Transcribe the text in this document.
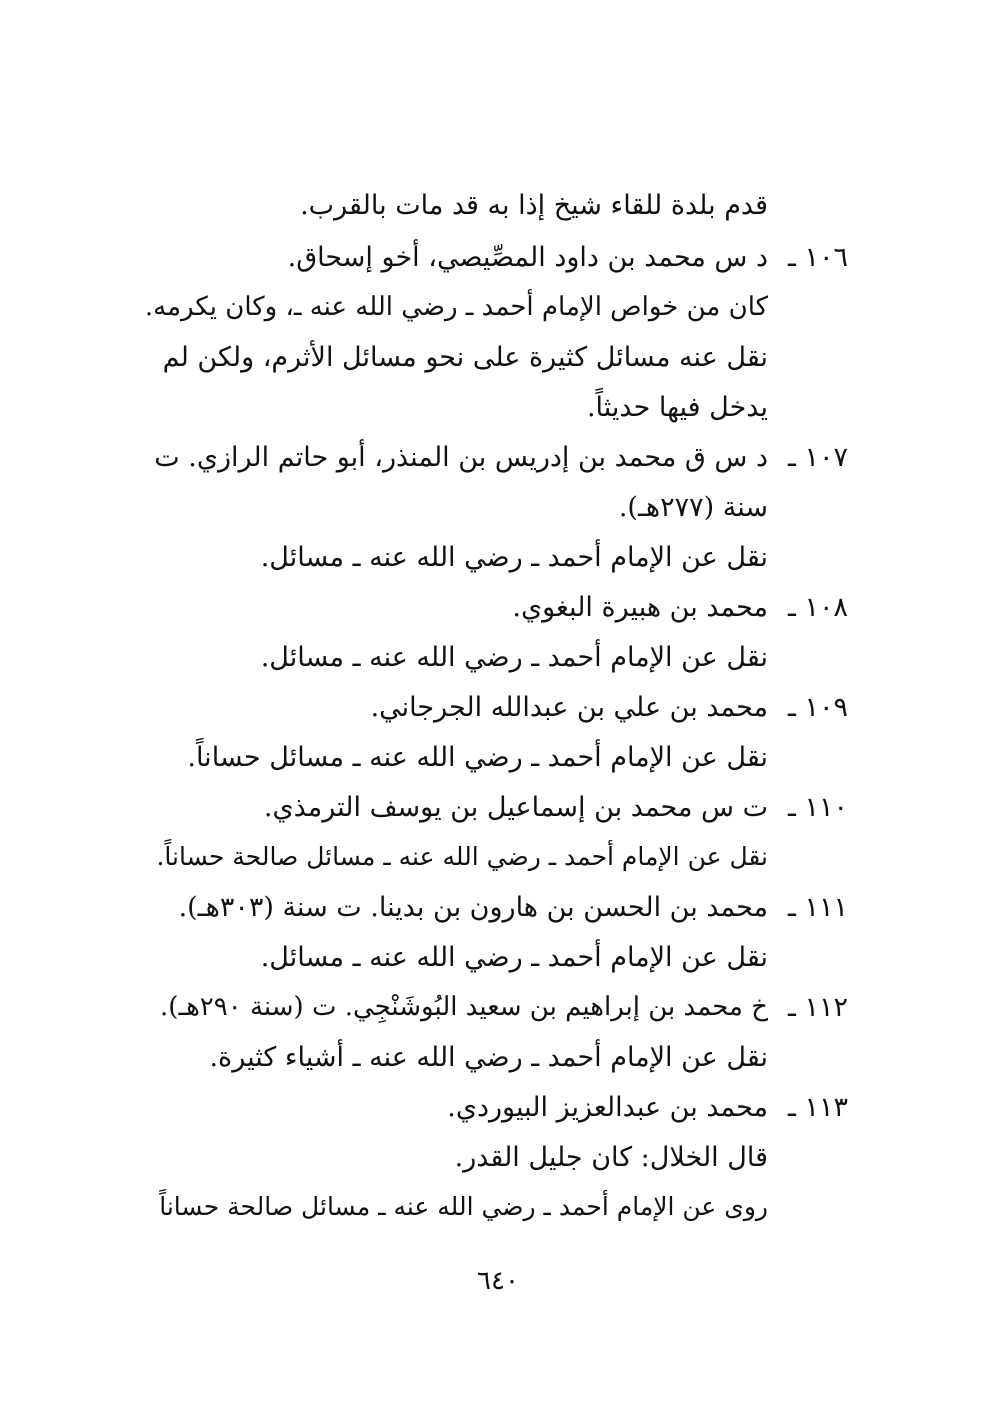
قدم بلدة للقاء شيخ إذا به قد مات بالقرب.
١٠٦ ـ
د س محمد بن داود المصِّيصي، أخو إسحاق.
كان من خواص الإمام أحمد ـ رضي الله عنه ـ، وكان يكرمه.
نقل عنه مسائل كثيرة على نحو مسائل الأثرم، ولكن لم
يدخل فيها حديثاً.
١٠٧ ـ
د س ق محمد بن إدريس بن المنذر، أبو حاتم الرازي. ت
سنة (٢٧٧هـ).
نقل عن الإمام أحمد ـ رضي الله عنه ـ مسائل.
١٠٨ ـ
محمد بن هبيرة البغوي.
نقل عن الإمام أحمد ـ رضي الله عنه ـ مسائل.
١٠٩ ـ
محمد بن علي بن عبدالله الجرجاني.
نقل عن الإمام أحمد ـ رضي الله عنه ـ مسائل حساناً.
١١٠ ـ
ت س محمد بن إسماعيل بن يوسف الترمذي.
نقل عن الإمام أحمد ـ رضي الله عنه ـ مسائل صالحة حساناً.
١١١ ـ
محمد بن الحسن بن هارون بن بدينا. ت سنة (٣٠٣هـ).
نقل عن الإمام أحمد ـ رضي الله عنه ـ مسائل.
١١٢ ـ
خ محمد بن إبراهيم بن سعيد البُوشَنْجِي. ت (سنة ٢٩٠هـ).
نقل عن الإمام أحمد ـ رضي الله عنه ـ أشياء كثيرة.
١١٣ ـ
محمد بن عبدالعزيز البيوردي.
قال الخلال: كان جليل القدر.
روى عن الإمام أحمد ـ رضي الله عنه ـ مسائل صالحة حساناً
٦٤٠
